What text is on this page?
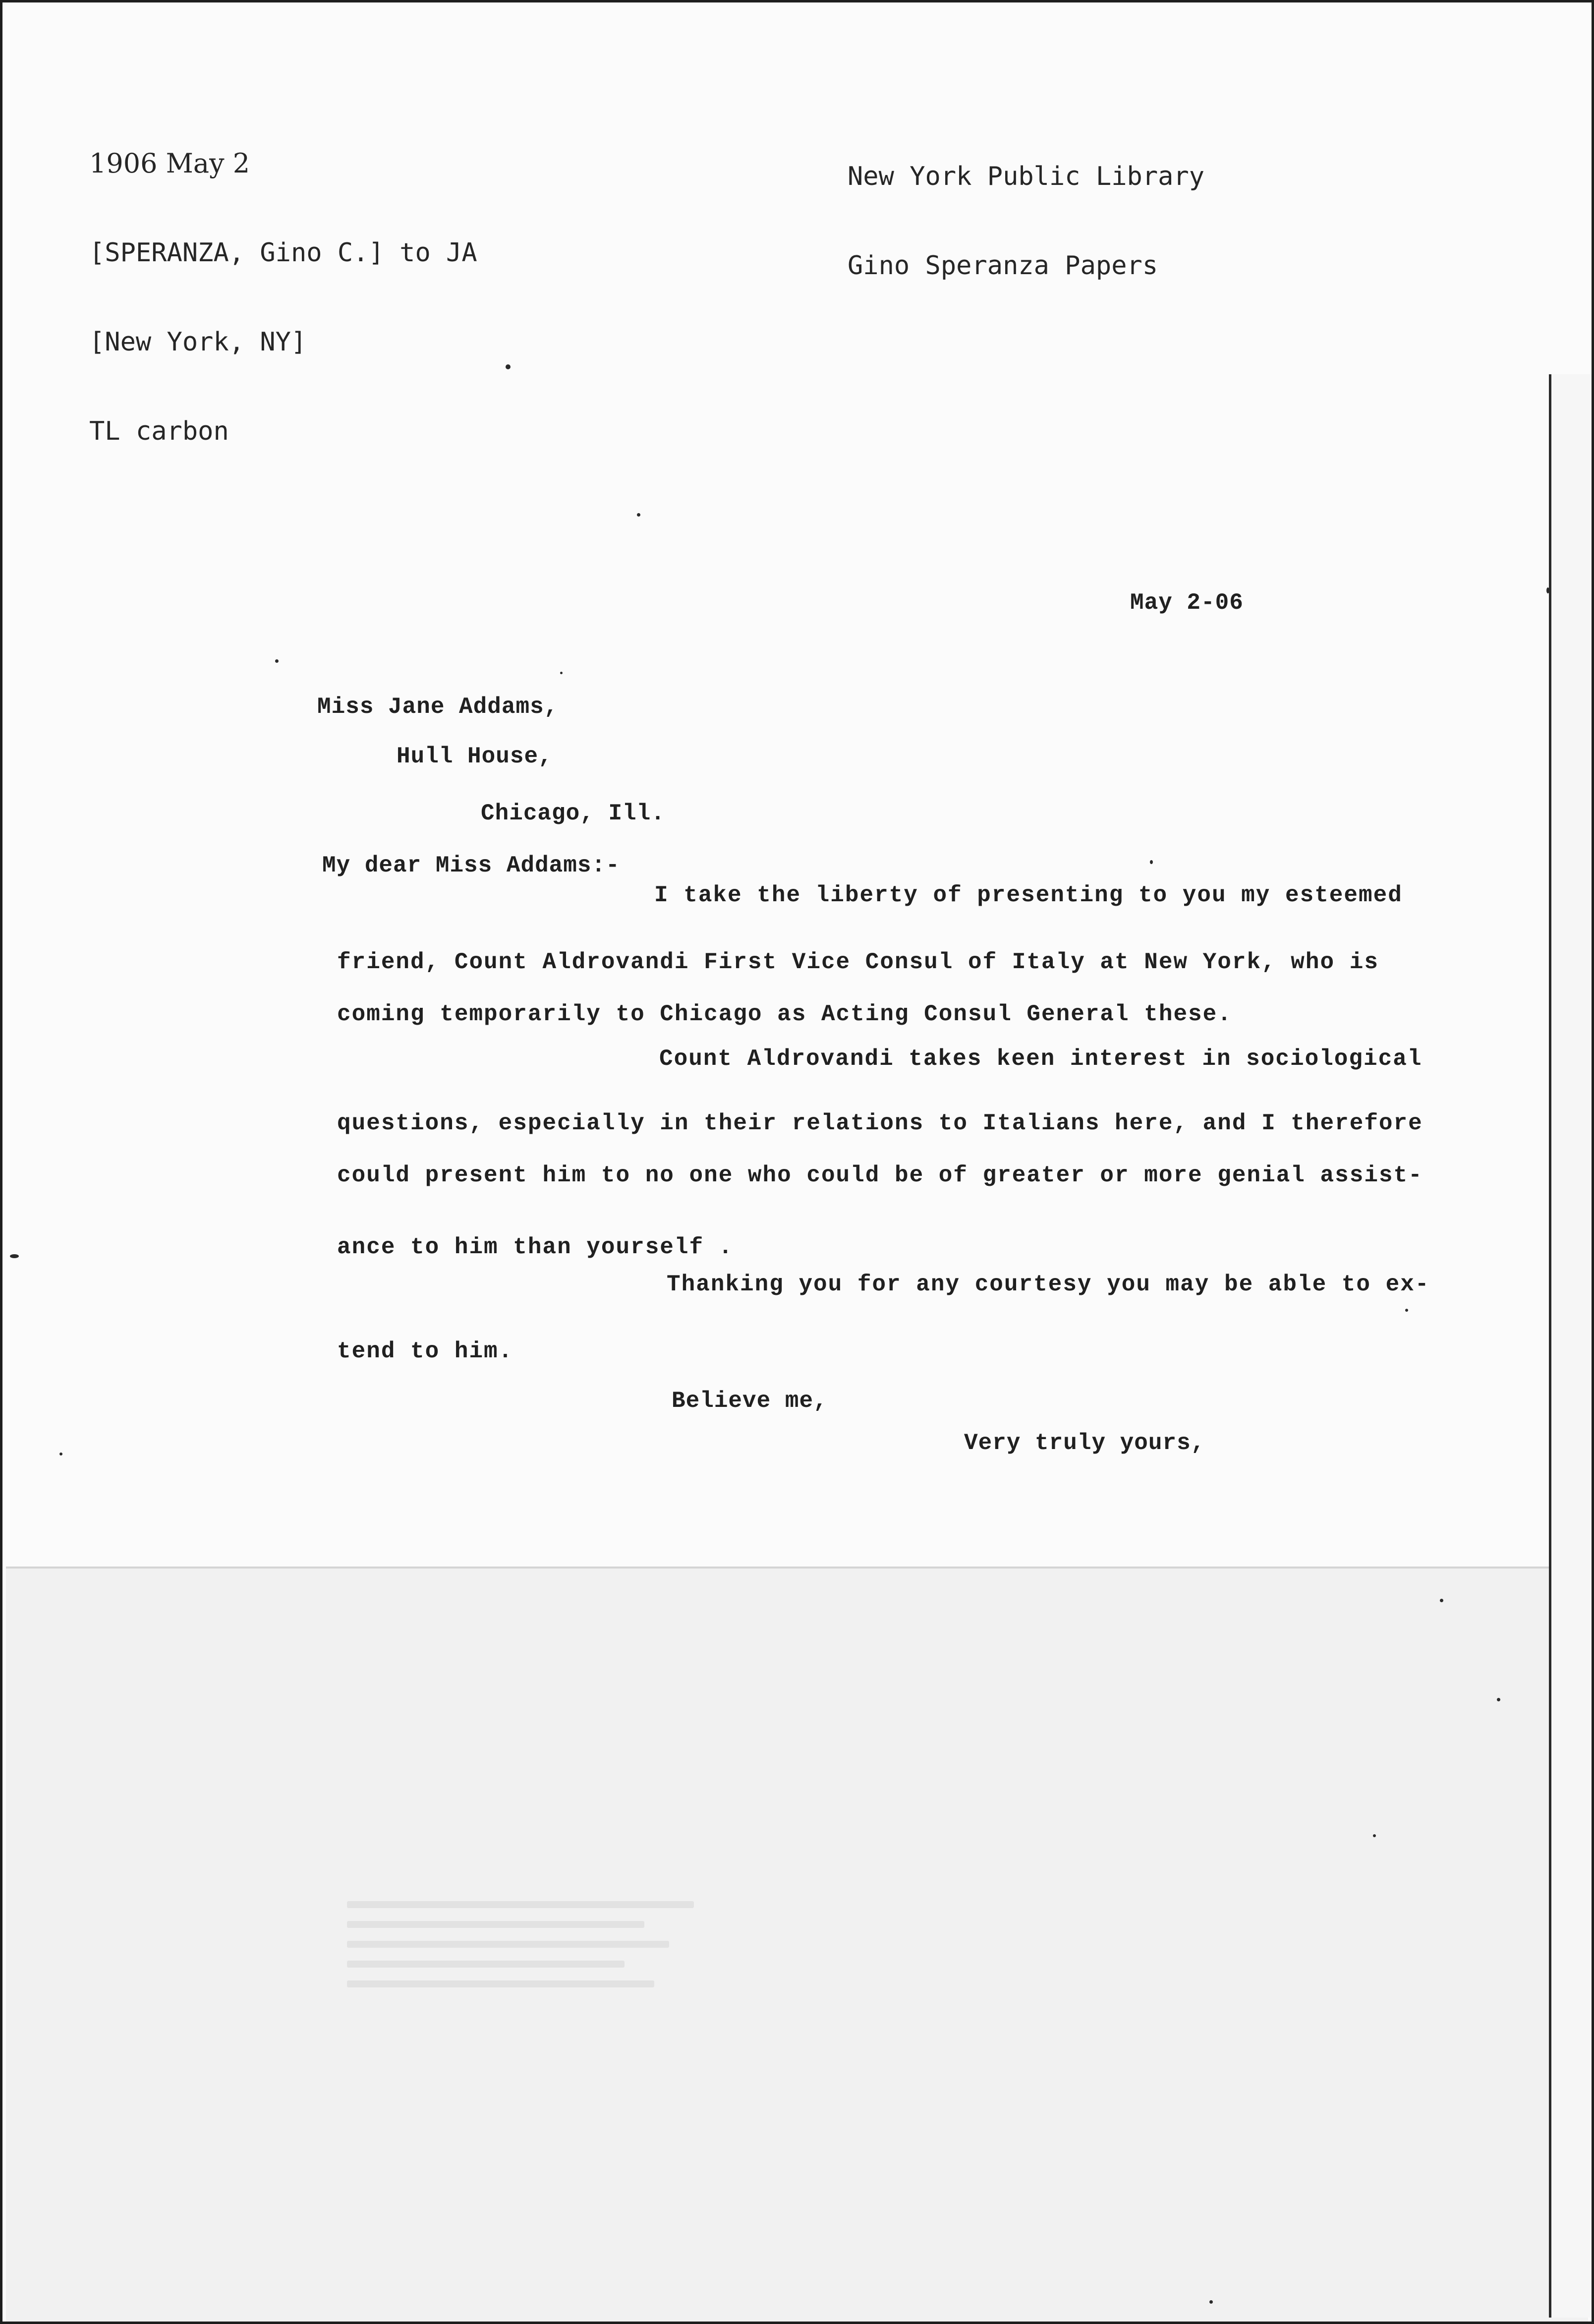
1906 May 2

[SPERANZA, Gino C.] to JA

[New York, NY]

TL carbon

New York Public Library

Gino Speranza Papers

May 2-06
Miss Jane Addams,
Hull House,
Chicago, Ill.
My dear Miss Addams:-
I take the liberty of presenting to you my esteemed
friend, Count Aldrovandi First Vice Consul of Italy at New York, who is
coming temporarily to Chicago as Acting Consul General these.
Count Aldrovandi takes keen interest in sociological
questions, especially in their relations to Italians here, and I therefore
could present him to no one who could be of greater or more genial assist-
ance to him than yourself .
Thanking you for any courtesy you may be able to ex-
tend to him.
Believe me,
Very truly yours,
